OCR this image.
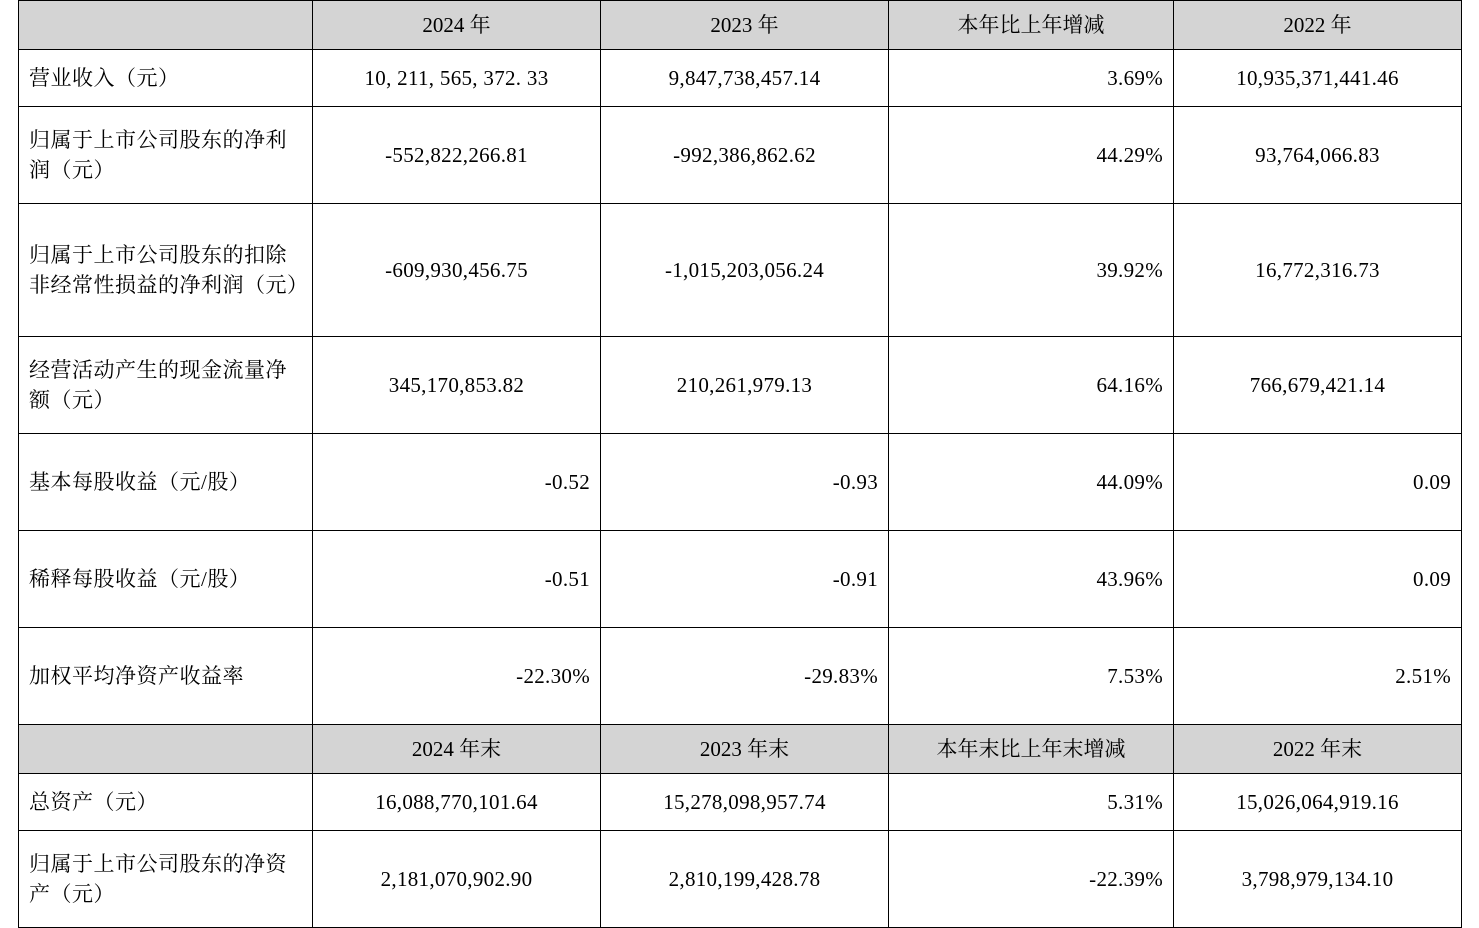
	2024 年	2023 年	本年比上年增减	2022 年
营业收入（元）	10, 211, 565, 372. 33	9,847,738,457.14	3.69%	10,935,371,441.46
归属于上市公司股东的净利润（元）	-552,822,266.81	-992,386,862.62	44.29%	93,764,066.83
归属于上市公司股东的扣除非经常性损益的净利润（元）	-609,930,456.75	-1,015,203,056.24	39.92%	16,772,316.73
经营活动产生的现金流量净额（元）	345,170,853.82	210,261,979.13	64.16%	766,679,421.14
基本每股收益（元/股）	-0.52	-0.93	44.09%	0.09
稀释每股收益（元/股）	-0.51	-0.91	43.96%	0.09
加权平均净资产收益率	-22.30%	-29.83%	7.53%	2.51%
	2024 年末	2023 年末	本年末比上年末增减	2022 年末
总资产（元）	16,088,770,101.64	15,278,098,957.74	5.31%	15,026,064,919.16
归属于上市公司股东的净资产（元）	2,181,070,902.90	2,810,199,428.78	-22.39%	3,798,979,134.10
